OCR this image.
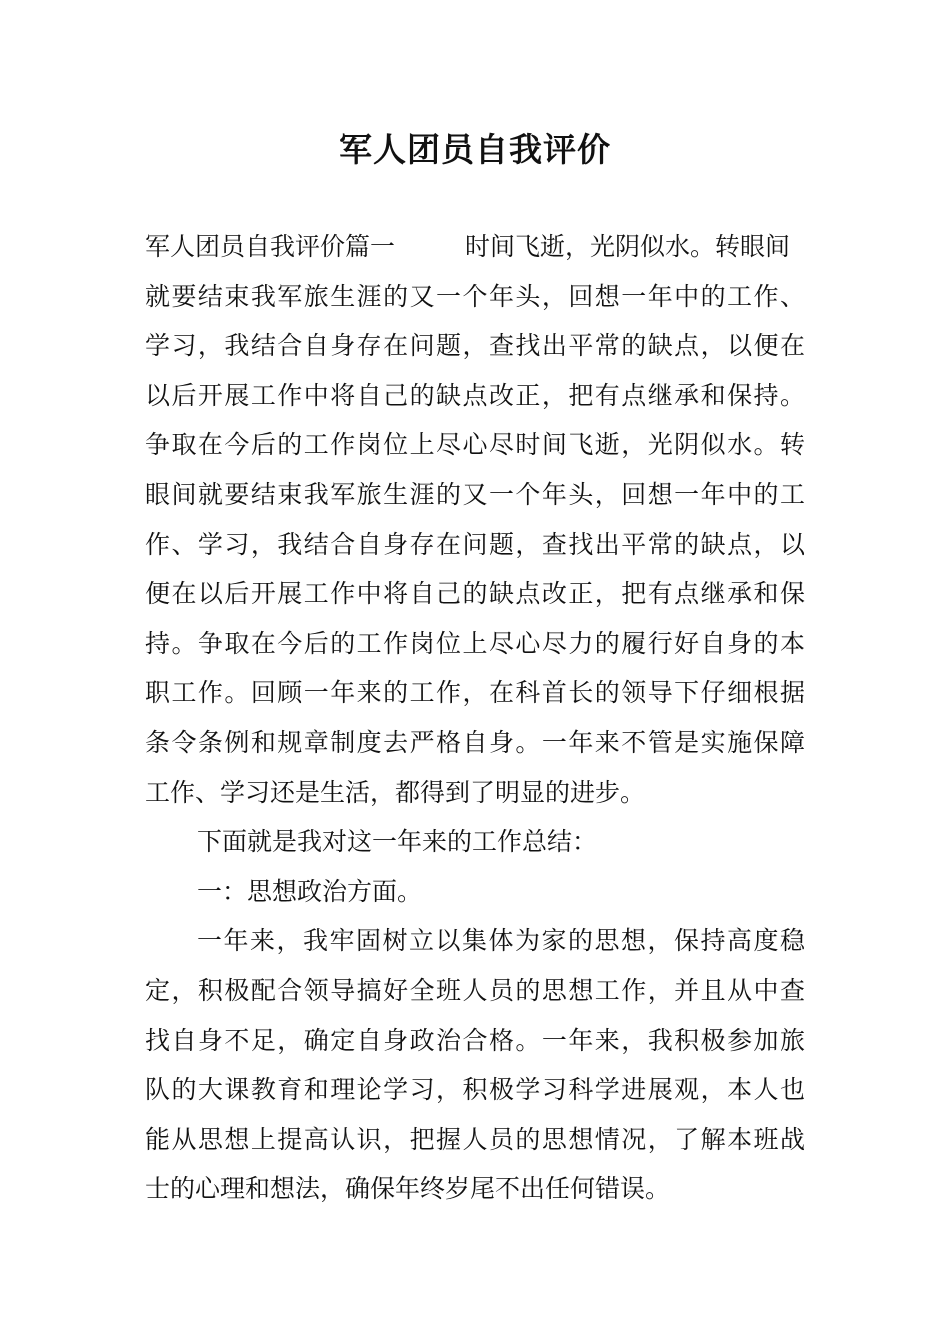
军人团员自我评价
军人团员自我评价篇一	时间飞逝，光阴似水。转眼间
就要结束我军旅生涯的又一个年头，回想一年中的工作、
学习，我结合自身存在问题，查找出平常的缺点，以便在
以后开展工作中将自己的缺点改正，把有点继承和保持。
争取在今后的工作岗位上尽心尽时间飞逝，光阴似水。转
眼间就要结束我军旅生涯的又一个年头，回想一年中的工
作、学习，我结合自身存在问题，查找出平常的缺点，以
便在以后开展工作中将自己的缺点改正，把有点继承和保
持。争取在今后的工作岗位上尽心尽力的履行好自身的本
职工作。回顾一年来的工作，在科首长的领导下仔细根据
条令条例和规章制度去严格自身。一年来不管是实施保障
工作、学习还是生活，都得到了明显的进步。
下面就是我对这一年来的工作总结：
一：思想政治方面。
一年来，我牢固树立以集体为家的思想，保持高度稳
定，积极配合领导搞好全班人员的思想工作，并且从中查
找自身不足，确定自身政治合格。一年来，我积极参加旅
队的大课教育和理论学习，积极学习科学进展观，本人也
能从思想上提高认识，把握人员的思想情况，了解本班战
士的心理和想法，确保年终岁尾不出任何错误。
